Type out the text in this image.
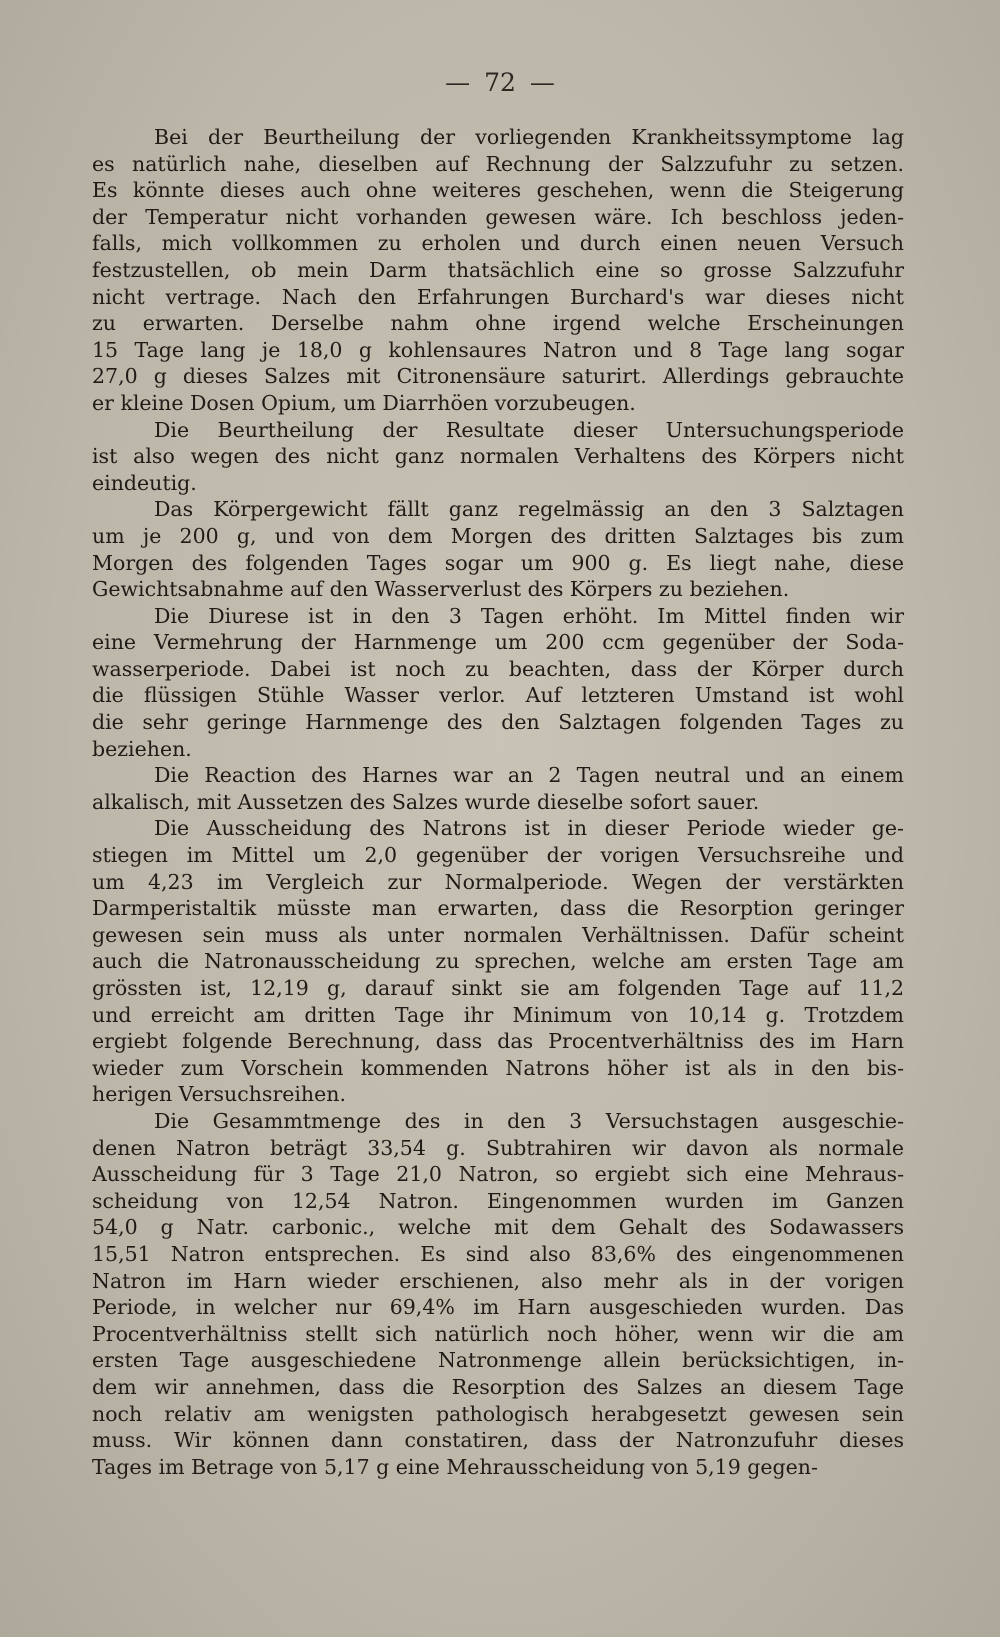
— 72 —
Bei der Beurtheilung der vorliegenden Krankheitssymptome lag
es natürlich nahe, dieselben auf Rechnung der Salzzufuhr zu setzen.
Es könnte dieses auch ohne weiteres geschehen, wenn die Steigerung
der Temperatur nicht vorhanden gewesen wäre. Ich beschloss jeden-
falls, mich vollkommen zu erholen und durch einen neuen Versuch
festzustellen, ob mein Darm thatsächlich eine so grosse Salzzufuhr
nicht vertrage. Nach den Erfahrungen Burchard's war dieses nicht
zu erwarten. Derselbe nahm ohne irgend welche Erscheinungen
15 Tage lang je 18,0 g kohlensaures Natron und 8 Tage lang sogar
27,0 g dieses Salzes mit Citronensäure saturirt. Allerdings gebrauchte
er kleine Dosen Opium, um Diarrhöen vorzubeugen.
Die Beurtheilung der Resultate dieser Untersuchungsperiode
ist also wegen des nicht ganz normalen Verhaltens des Körpers nicht
eindeutig.
Das Körpergewicht fällt ganz regelmässig an den 3 Salztagen
um je 200 g, und von dem Morgen des dritten Salztages bis zum
Morgen des folgenden Tages sogar um 900 g. Es liegt nahe, diese
Gewichtsabnahme auf den Wasserverlust des Körpers zu beziehen.
Die Diurese ist in den 3 Tagen erhöht. Im Mittel finden wir
eine Vermehrung der Harnmenge um 200 ccm gegenüber der Soda-
wasserperiode. Dabei ist noch zu beachten, dass der Körper durch
die flüssigen Stühle Wasser verlor. Auf letzteren Umstand ist wohl
die sehr geringe Harnmenge des den Salztagen folgenden Tages zu
beziehen.
Die Reaction des Harnes war an 2 Tagen neutral und an einem
alkalisch, mit Aussetzen des Salzes wurde dieselbe sofort sauer.
Die Ausscheidung des Natrons ist in dieser Periode wieder ge-
stiegen im Mittel um 2,0 gegenüber der vorigen Versuchsreihe und
um 4,23 im Vergleich zur Normalperiode. Wegen der verstärkten
Darmperistaltik müsste man erwarten, dass die Resorption geringer
gewesen sein muss als unter normalen Verhältnissen. Dafür scheint
auch die Natronausscheidung zu sprechen, welche am ersten Tage am
grössten ist, 12,19 g, darauf sinkt sie am folgenden Tage auf 11,2
und erreicht am dritten Tage ihr Minimum von 10,14 g. Trotzdem
ergiebt folgende Berechnung, dass das Procentverhältniss des im Harn
wieder zum Vorschein kommenden Natrons höher ist als in den bis-
herigen Versuchsreihen.
Die Gesammtmenge des in den 3 Versuchstagen ausgeschie-
denen Natron beträgt 33,54 g. Subtrahiren wir davon als normale
Ausscheidung für 3 Tage 21,0 Natron, so ergiebt sich eine Mehraus-
scheidung von 12,54 Natron. Eingenommen wurden im Ganzen
54,0 g Natr. carbonic., welche mit dem Gehalt des Sodawassers
15,51 Natron entsprechen. Es sind also 83,6% des eingenommenen
Natron im Harn wieder erschienen, also mehr als in der vorigen
Periode, in welcher nur 69,4% im Harn ausgeschieden wurden. Das
Procentverhältniss stellt sich natürlich noch höher, wenn wir die am
ersten Tage ausgeschiedene Natronmenge allein berücksichtigen, in-
dem wir annehmen, dass die Resorption des Salzes an diesem Tage
noch relativ am wenigsten pathologisch herabgesetzt gewesen sein
muss. Wir können dann constatiren, dass der Natronzufuhr dieses
Tages im Betrage von 5,17 g eine Mehrausscheidung von 5,19 gegen-
